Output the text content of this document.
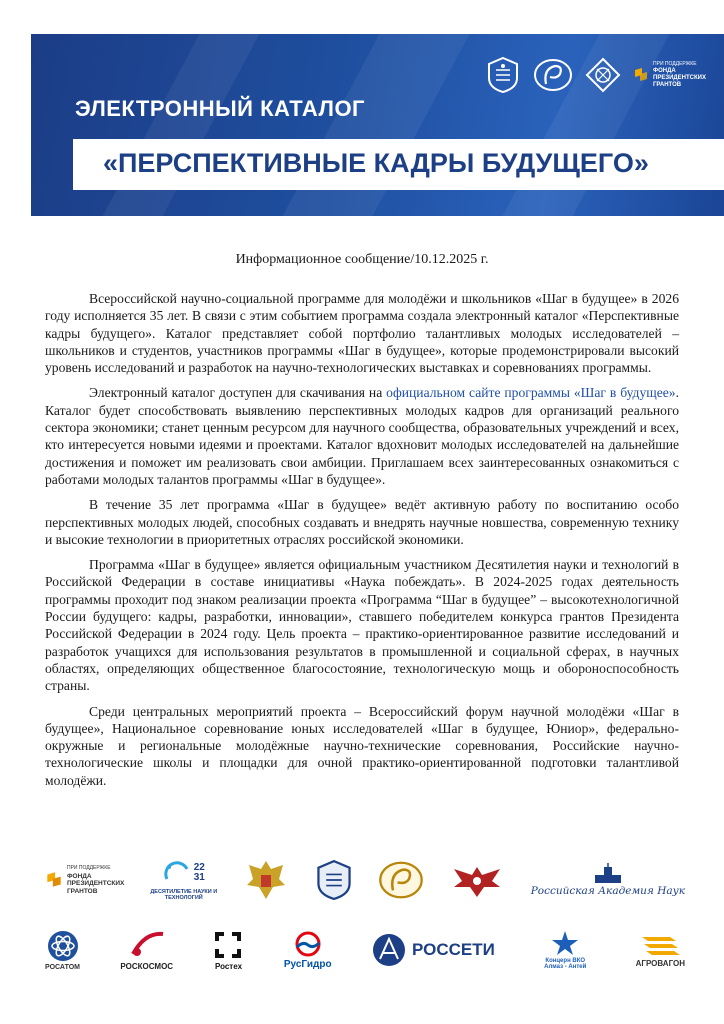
ПРИ ПОДДЕРЖКЕ
ФОНДА
ПРЕЗИДЕНТСКИХ
ГРАНТОВ
ЭЛЕКТРОННЫЙ КАТАЛОГ
«ПЕРСПЕКТИВНЫЕ КАДРЫ БУДУЩЕГО»
Информационное сообщение/10.12.2025 г.

Всероссийской научно-социальной программе для молодёжи и школьников «Шаг в будущее» в 2026 году исполняется 35 лет. В связи с этим событием программа создала электронный каталог «Перспективные кадры будущего». Каталог представляет собой портфолио талантливых молодых исследователей – школьников и студентов, участников программы «Шаг в будущее», которые продемонстрировали высокий уровень исследований и разработок на научно-технологических выставках и соревнованиях программы.

Электронный каталог доступен для скачивания на официальном сайте программы «Шаг в будущее». Каталог будет способствовать выявлению перспективных молодых кадров для организаций реального сектора экономики; станет ценным ресурсом для научного сообщества, образовательных учреждений и всех, кто интересуется новыми идеями и проектами. Каталог вдохновит молодых исследователей на дальнейшие достижения и поможет им реализовать свои амбиции. Приглашаем всех заинтересованных ознакомиться с работами молодых талантов программы «Шаг в будущее».

В течение 35 лет программа «Шаг в будущее» ведёт активную работу по воспитанию особо перспективных молодых людей, способных создавать и внедрять научные новшества, современную технику и высокие технологии в приоритетных отраслях российской экономики.

Программа «Шаг в будущее» является официальным участником Десятилетия науки и технологий в Российской Федерации в составе инициативы «Наука побеждать». В 2024-2025 годах деятельность программы проходит под знаком реализации проекта «Программа “Шаг в будущее” – высокотехнологичной России будущего: кадры, разработки, инновации», ставшего победителем конкурса грантов Президента Российской Федерации в 2024 году. Цель проекта – практико-ориентированное развитие исследований и разработок учащихся для использования результатов в промышленной и социальной сферах, в научных областях, определяющих общественное благосостояние, технологическую мощь и обороноспособность страны.

Среди центральных мероприятий проекта – Всероссийский форум научной молодёжи «Шаг в будущее», Национальное соревнование юных исследователей «Шаг в будущее, Юниор», федерально-окружные и региональные молодёжные научно-технические соревнования, Российские научно-технологические школы и площадки для очной практико-ориентированной подготовки талантливой молодёжи.

ПРИ ПОДДЕРЖКЕ
ФОНДА
ПРЕЗИДЕНТСКИХ
ГРАНТОВ
22
31
ДЕСЯТИЛЕТИЕ НАУКИ И ТЕХНОЛОГИЙ
Российская Академия Наук
РОСАТОМ	РОСКОСМОС	Ростех	РусГидро
РОССЕТИ
Концерн ВКО Алмаз - Антей	АГРОВАГОН
